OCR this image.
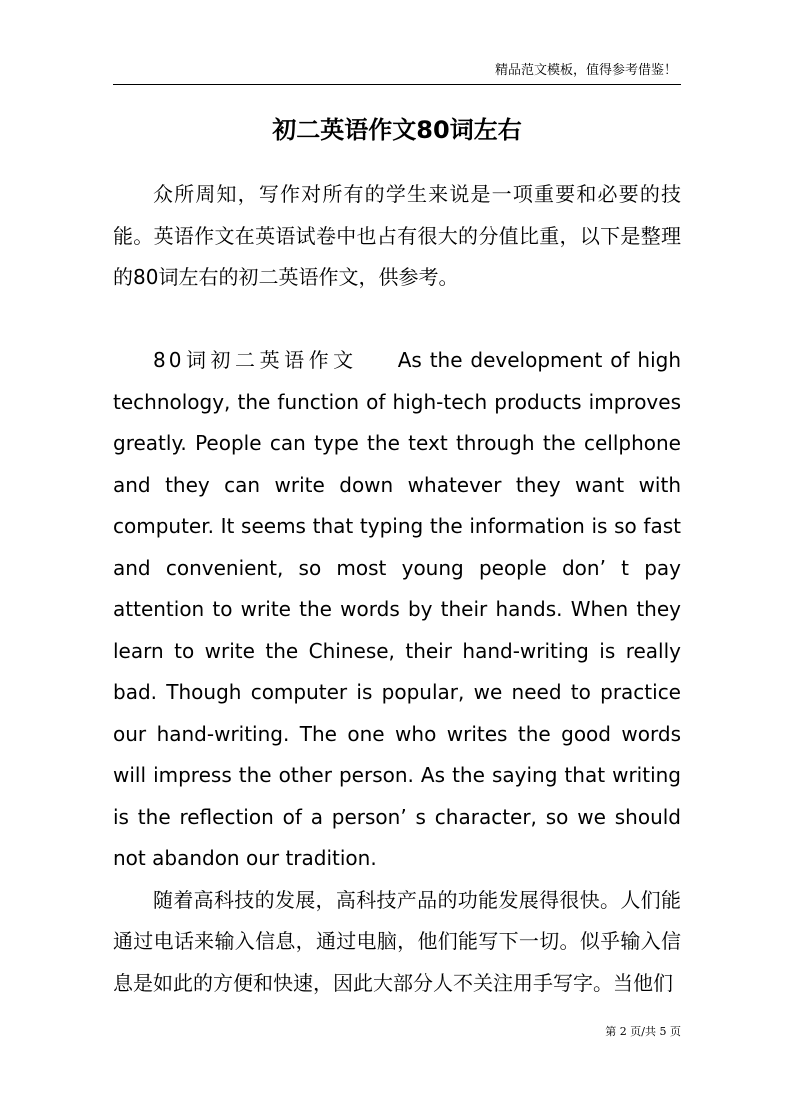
精品范文模板，值得参考借鉴！
初二英语作文80词左右

众所周知，写作对所有的学生来说是一项重要和必要的技能。英语作文在英语试卷中也占有很大的分值比重，以下是整理的80词左右的初二英语作文，供参考。

80词初二英语作文 As the development of high technology, the function of high-tech products improves greatly. People can type the text through the cellphone and they can write down whatever they want with computer. It seems that typing the information is so fast and convenient, so most young people don’ t pay attention to write the words by their hands. When they learn to write the Chinese, their hand-writing is really bad. Though computer is popular, we need to practice our hand-writing. The one who writes the good words will impress the other person. As the saying that writing is the reflection of a person’ s character, so we should not abandon our tradition.

随着高科技的发展，高科技产品的功能发展得很快。人们能通过电话来输入信息，通过电脑，他们能写下一切。似乎输入信息是如此的方便和快速，因此大部分人不关注用手写字。当他们

第 2 页/共 5 页
